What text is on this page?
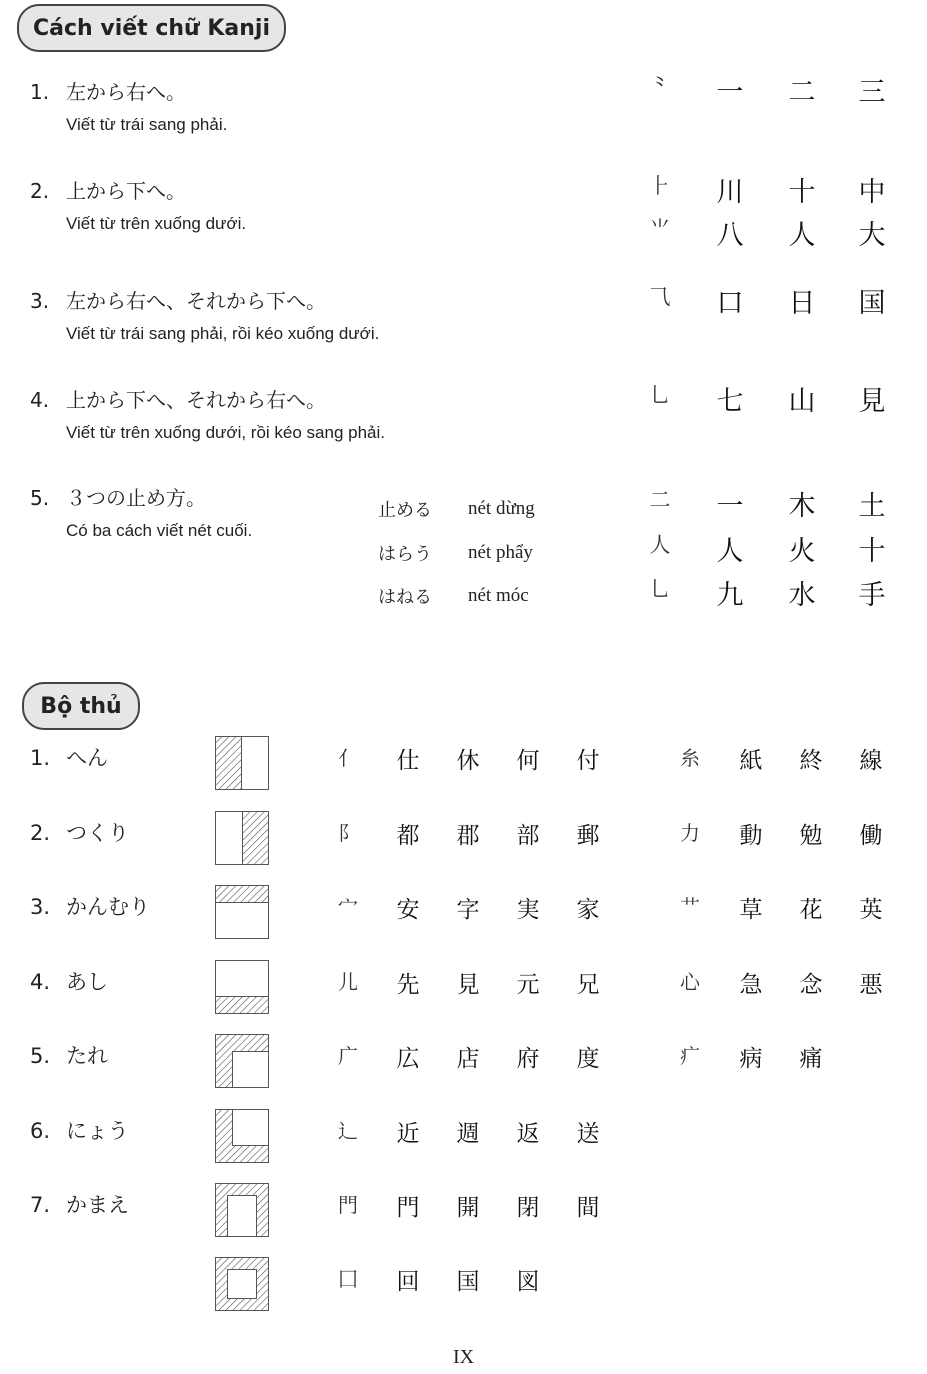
Cách viết chữ Kanji
1. 左から右へ。
Viết từ trái sang phải.
2. 上から下へ。
Viết từ trên xuống dưới.
3. 左から右へ、それから下へ。
Viết từ trái sang phải, rồi kéo xuống dưới.
4. 上から下へ、それから右へ。
Viết từ trên xuống dưới, rồi kéo sang phải.
5. ３つの止め方。
Có ba cách viết nét cuối.
止める nét dừng
はらう nét phẩy
はねる nét móc
⺀	一	二	三
⺊	川	十	中
⺌	八	人	大
⺄	口	日	国
⺃	七	山	見
⼆	一	木	土
⼈	人	火	十
⺃	九	水	手
Bộ thủ
1. へん	亻	仕	休	何	付	糸	紙	終	線
2. つくり	阝	都	郡	部	郵	力	動	勉	働
3. かんむり	宀	安	字	実	家	艹	草	花	英
4. あし	儿	先	見	元	兄	心	急	念	悪
5. たれ	广	広	店	府	度	疒	病	痛
6. にょう	辶	近	週	返	送
7. かまえ	門	門	開	閉	間
囗	回	国	図
IX
